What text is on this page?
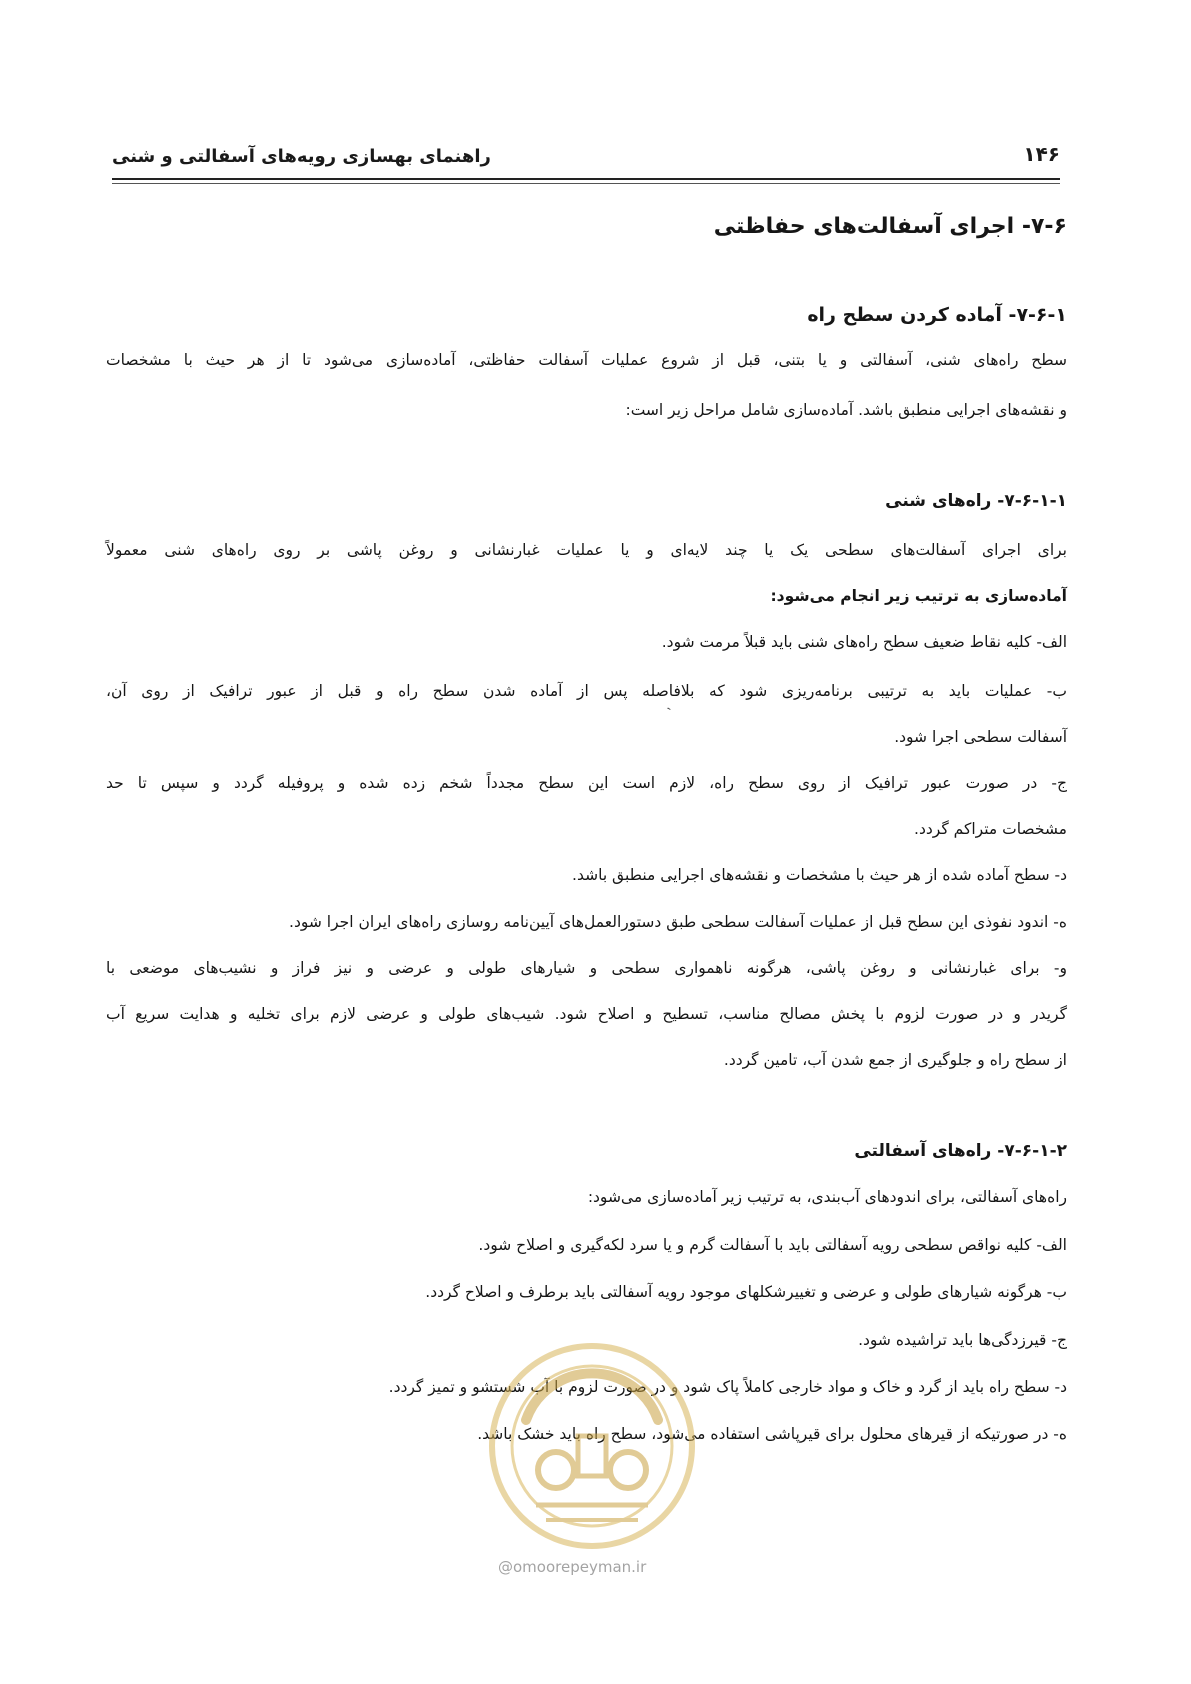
۱۴۶
راهنمای بهسازی رویه‌های آسفالتی و شنی
۷-۶- اجرای آسفالت‌های حفاظتی
۷-۶-۱- آماده کردن سطح راه
سطح راه‌های شنی، آسفالتی و یا بتنی، قبل از شروع عملیات آسفالت حفاظتی، آماده‌سازی می‌شود تا از هر حیث با مشخصات
و نقشه‌های اجرایی منطبق باشد. آماده‌سازی شامل مراحل زیر است:
۷-۶-۱-۱- راه‌های شنی
برای اجرای آسفالت‌های سطحی یک یا چند لایه‌ای و یا عملیات غبارنشانی و روغن پاشی بر روی راه‌های شنی معمولاً
آماده‌سازی به ترتیب زیر انجام می‌شود:
الف- کلیه نقاط ضعیف سطح راه‌های شنی باید قبلاً مرمت شود.
`
ب- عملیات باید به ترتیبی برنامه‌ریزی شود که بلافاصله پس از آماده شدن سطح راه و قبل از عبور ترافیک از روی آن،
آسفالت سطحی اجرا شود.
ج- در صورت عبور ترافیک از روی سطح راه، لازم است این سطح مجدداً شخم زده شده و پروفیله گردد و سپس تا حد
مشخصات متراکم گردد.
د- سطح آماده شده از هر حیث با مشخصات و نقشه‌های اجرایی منطبق باشد.
ه- اندود نفوذی این سطح قبل از عملیات آسفالت سطحی طبق دستورالعمل‌های آیین‌نامه روسازی راه‌های ایران اجرا شود.
و- برای غبارنشانی و روغن پاشی، هرگونه ناهمواری سطحی و شیارهای طولی و عرضی و نیز فراز و نشیب‌های موضعی با
گریدر و در صورت لزوم با پخش مصالح مناسب، تسطیح و اصلاح شود. شیب‌های طولی و عرضی لازم برای تخلیه و هدایت سریع آب
از سطح راه و جلوگیری از جمع شدن آب، تامین گردد.
۷-۶-۱-۲- راه‌های آسفالتی
راه‌های آسفالتی، برای اندودهای آب‌بندی، به ترتیب زیر آماده‌سازی می‌شود:
الف- کلیه نواقص سطحی رویه آسفالتی باید با آسفالت گرم و یا سرد لکه‌گیری و اصلاح شود.
ب- هرگونه شیارهای طولی و عرضی و تغییرشکلهای موجود رویه آسفالتی باید برطرف و اصلاح گردد.
ج- قیرزدگی‌ها باید تراشیده شود.
د- سطح راه باید از گرد و خاک و مواد خارجی کاملاً پاک شود و در صورت لزوم با آب شستشو و تمیز گردد.
ه- در صورتیکه از قیرهای محلول برای قیرپاشی استفاده می‌شود، سطح راه باید خشک باشد.
@omoorepeyman.ir
